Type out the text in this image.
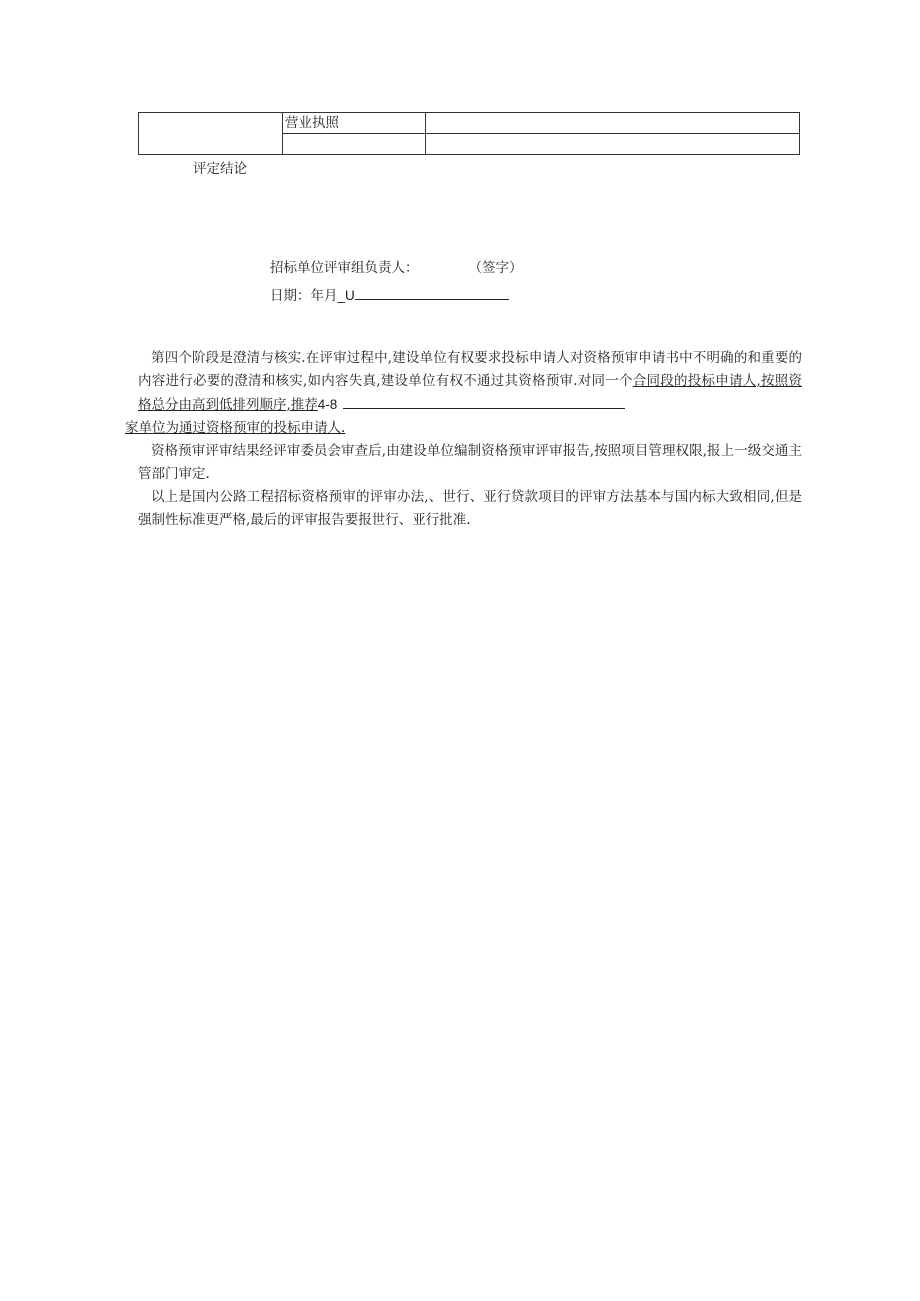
	营业执照	

评定结论
招标单位评审组负责人：	（签字）
日期：年月_U

第四个阶段是澄清与核实.在评审过程中,建设单位有权要求投标申请人对资格预审申请书中不明确的和重要的内容进行必要的澄清和核实,如内容失真,建设单位有权不通过其资格预审.对同一个合同段的投标申请人,按照资格总分由高到低排列顺序,推荐4-8
家单位为通过资格预审的投标申请人.

资格预审评审结果经评审委员会审查后,由建设单位编制资格预审评审报告,按照项目管理权限,报上一级交通主管部门审定.

以上是国内公路工程招标资格预审的评审办法,、世行、亚行贷款项目的评审方法基本与国内标大致相同,但是强制性标准更严格,最后的评审报告要报世行、亚行批准.
